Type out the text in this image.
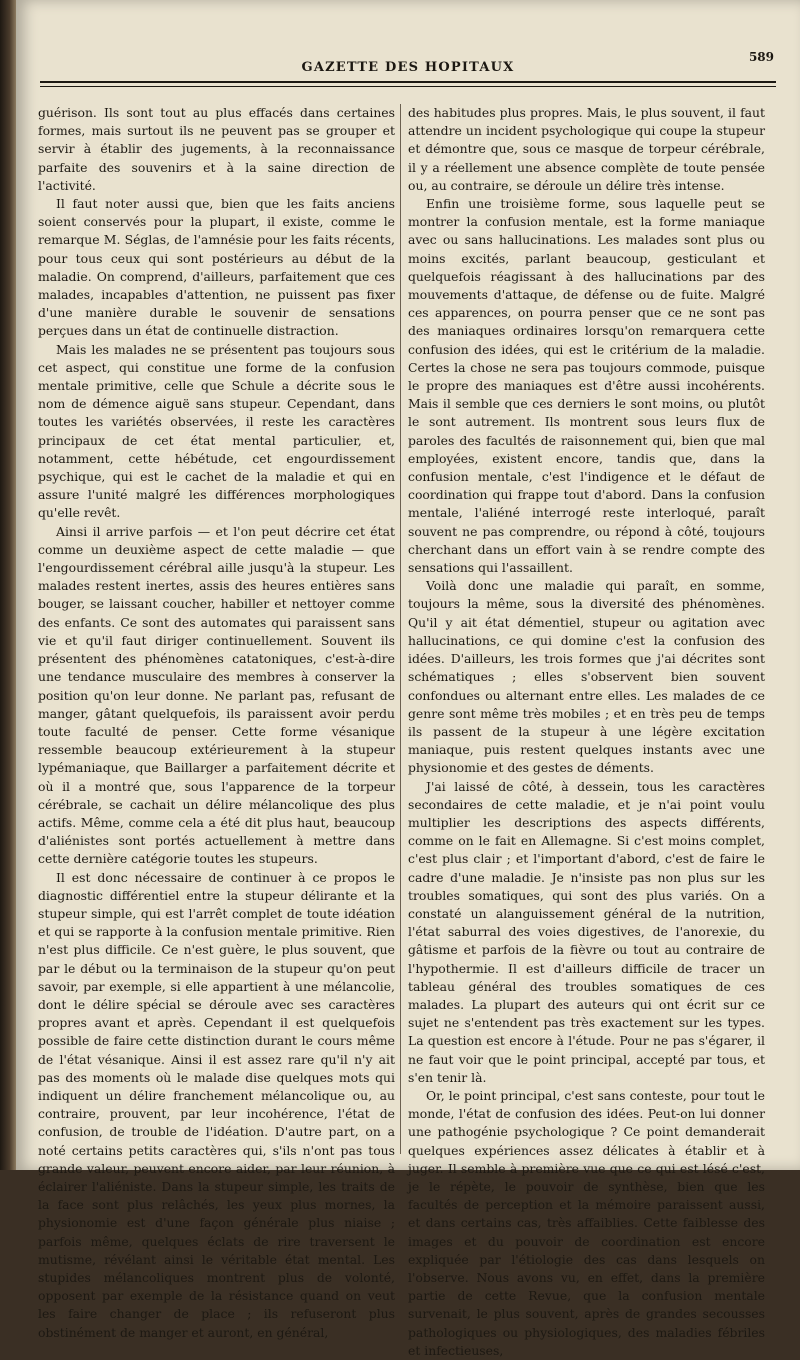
GAZETTE DES HOPITAUX
589

guérison. Ils sont tout au plus effacés dans certaines formes, mais surtout ils ne peuvent pas se grouper et servir à établir des jugements, à la reconnaissance parfaite des souvenirs et à la saine direction de l'activité.

Il faut noter aussi que, bien que les faits anciens soient conservés pour la plupart, il existe, comme le remarque M. Séglas, de l'amnésie pour les faits récents, pour tous ceux qui sont postérieurs au début de la maladie. On comprend, d'ailleurs, parfaitement que ces malades, incapables d'attention, ne puissent pas fixer d'une manière durable le souvenir de sensations perçues dans un état de continuelle distraction.

Mais les malades ne se présentent pas toujours sous cet aspect, qui constitue une forme de la confusion mentale primitive, celle que Schule a décrite sous le nom de démence aiguë sans stupeur. Cependant, dans toutes les variétés observées, il reste les caractères principaux de cet état mental particulier, et, notamment, cette hébétude, cet engourdissement psychique, qui est le cachet de la maladie et qui en assure l'unité malgré les différences morphologiques qu'elle revêt.

Ainsi il arrive parfois — et l'on peut décrire cet état comme un deuxième aspect de cette maladie — que l'engourdissement cérébral aille jusqu'à la stupeur. Les malades restent inertes, assis des heures entières sans bouger, se laissant coucher, habiller et nettoyer comme des enfants. Ce sont des automates qui paraissent sans vie et qu'il faut diriger continuellement. Souvent ils présentent des phénomènes catatoniques, c'est-à-dire une tendance musculaire des membres à conserver la position qu'on leur donne. Ne parlant pas, refusant de manger, gâtant quelquefois, ils paraissent avoir perdu toute faculté de penser. Cette forme vésanique ressemble beaucoup extérieurement à la stupeur lypémaniaque, que Baillarger a parfaitement décrite et où il a montré que, sous l'apparence de la torpeur cérébrale, se cachait un délire mélancolique des plus actifs. Même, comme cela a été dit plus haut, beaucoup d'aliénistes sont portés actuellement à mettre dans cette dernière catégorie toutes les stupeurs.

Il est donc nécessaire de continuer à ce propos le diagnostic différentiel entre la stupeur délirante et la stupeur simple, qui est l'arrêt complet de toute idéation et qui se rapporte à la confusion mentale primitive. Rien n'est plus difficile. Ce n'est guère, le plus souvent, que par le début ou la terminaison de la stupeur qu'on peut savoir, par exemple, si elle appartient à une mélancolie, dont le délire spécial se déroule avec ses caractères propres avant et après. Cependant il est quelquefois possible de faire cette distinction durant le cours même de l'état vésanique. Ainsi il est assez rare qu'il n'y ait pas des moments où le malade dise quelques mots qui indiquent un délire franchement mélancolique ou, au contraire, prouvent, par leur incohérence, l'état de confusion, de trouble de l'idéation. D'autre part, on a noté certains petits caractères qui, s'ils n'ont pas tous grande valeur, peuvent encore aider, par leur réunion, à éclairer l'aliéniste. Dans la stupeur simple, les traits de la face sont plus relâchés, les yeux plus mornes, la physionomie est d'une façon générale plus niaise ; parfois même, quelques éclats de rire traversent le mutisme, révélant ainsi le véritable état mental. Les stupides mélancoliques montrent plus de volonté, opposent par exemple de la résistance quand on veut les faire changer de place ; ils refuseront plus obstinément de manger et auront, en général,

des habitudes plus propres. Mais, le plus souvent, il faut attendre un incident psychologique qui coupe la stupeur et démontre que, sous ce masque de torpeur cérébrale, il y a réellement une absence complète de toute pensée ou, au contraire, se déroule un délire très intense.

Enfin une troisième forme, sous laquelle peut se montrer la confusion mentale, est la forme maniaque avec ou sans hallucinations. Les malades sont plus ou moins excités, parlant beaucoup, gesticulant et quelquefois réagissant à des hallucinations par des mouvements d'attaque, de défense ou de fuite. Malgré ces apparences, on pourra penser que ce ne sont pas des maniaques ordinaires lorsqu'on remarquera cette confusion des idées, qui est le critérium de la maladie. Certes la chose ne sera pas toujours commode, puisque le propre des maniaques est d'être aussi incohérents. Mais il semble que ces derniers le sont moins, ou plutôt le sont autrement. Ils montrent sous leurs flux de paroles des facultés de raisonnement qui, bien que mal employées, existent encore, tandis que, dans la confusion mentale, c'est l'indigence et le défaut de coordination qui frappe tout d'abord. Dans la confusion mentale, l'aliéné interrogé reste interloqué, paraît souvent ne pas comprendre, ou répond à côté, toujours cherchant dans un effort vain à se rendre compte des sensations qui l'assaillent.

Voilà donc une maladie qui paraît, en somme, toujours la même, sous la diversité des phénomènes. Qu'il y ait état démentiel, stupeur ou agitation avec hallucinations, ce qui domine c'est la confusion des idées. D'ailleurs, les trois formes que j'ai décrites sont schématiques ; elles s'observent bien souvent confondues ou alternant entre elles. Les malades de ce genre sont même très mobiles ; et en très peu de temps ils passent de la stupeur à une légère excitation maniaque, puis restent quelques instants avec une physionomie et des gestes de déments.

J'ai laissé de côté, à dessein, tous les caractères secondaires de cette maladie, et je n'ai point voulu multiplier les descriptions des aspects différents, comme on le fait en Allemagne. Si c'est moins complet, c'est plus clair ; et l'important d'abord, c'est de faire le cadre d'une maladie. Je n'insiste pas non plus sur les troubles somatiques, qui sont des plus variés. On a constaté un alanguissement général de la nutrition, l'état saburral des voies digestives, de l'anorexie, du gâtisme et parfois de la fièvre ou tout au contraire de l'hypothermie. Il est d'ailleurs difficile de tracer un tableau général des troubles somatiques de ces malades. La plupart des auteurs qui ont écrit sur ce sujet ne s'entendent pas très exactement sur les types. La question est encore à l'étude. Pour ne pas s'égarer, il ne faut voir que le point principal, accepté par tous, et s'en tenir là.

Or, le point principal, c'est sans conteste, pour tout le monde, l'état de confusion des idées. Peut-on lui donner une pathogénie psychologique ? Ce point demanderait quelques expériences assez délicates à établir et à juger. Il semble à première vue que ce qui est lésé c'est, je le répète, le pouvoir de synthèse, bien que les facultés de perception et la mémoire paraissent aussi, et dans certains cas, très affaiblies. Cette faiblesse des images et du pouvoir de coordination est encore expliquée par l'étiologie des cas dans lesquels on l'observe. Nous avons vu, en effet, dans la première partie de cette Revue, que la confusion mentale survenait, le plus souvent, après de grandes secousses pathologiques ou physiologiques, des maladies fébriles et infectieuses,
